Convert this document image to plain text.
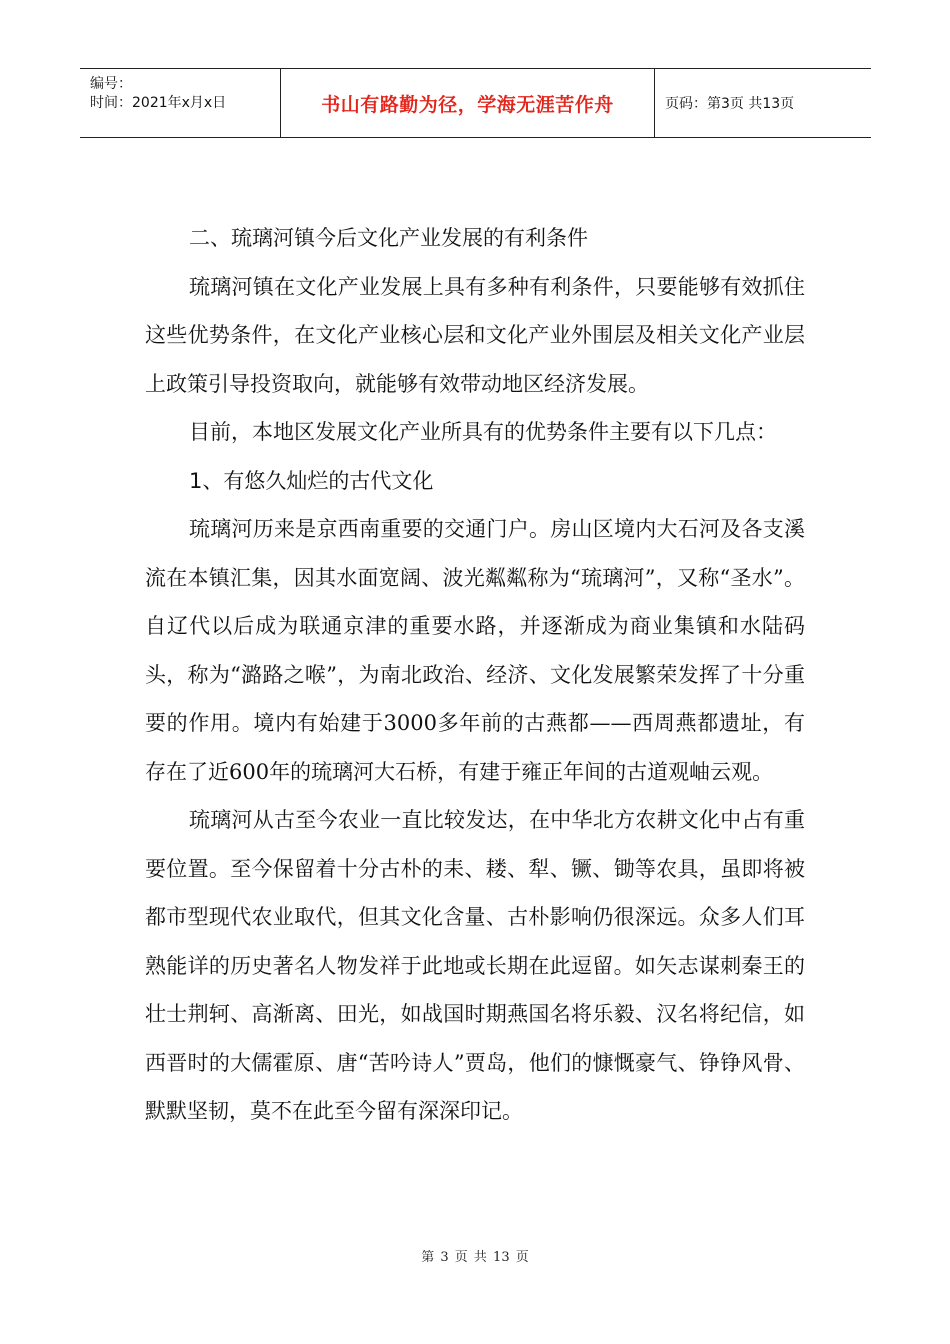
编号：
时间：2021年x月x日	书山有路勤为径，学海无涯苦作舟	页码：第3页 共13页

二、琉璃河镇今后文化产业发展的有利条件

琉璃河镇在文化产业发展上具有多种有利条件，只要能够有效抓住这些优势条件，在文化产业核心层和文化产业外围层及相关文化产业层上政策引导投资取向，就能够有效带动地区经济发展。

目前，本地区发展文化产业所具有的优势条件主要有以下几点：

1、有悠久灿烂的古代文化

琉璃河历来是京西南重要的交通门户。房山区境内大石河及各支溪流在本镇汇集，因其水面宽阔、波光粼粼称为“琉璃河”，又称“圣水”。自辽代以后成为联通京津的重要水路，并逐渐成为商业集镇和水陆码头，称为“潞路之喉”，为南北政治、经济、文化发展繁荣发挥了十分重要的作用。境内有始建于3000多年前的古燕都——西周燕都遗址，有存在了近600年的琉璃河大石桥，有建于雍正年间的古道观岫云观。

琉璃河从古至今农业一直比较发达，在中华北方农耕文化中占有重要位置。至今保留着十分古朴的耒、耧、犁、镢、锄等农具，虽即将被都市型现代农业取代，但其文化含量、古朴影响仍很深远。众多人们耳熟能详的历史著名人物发祥于此地或长期在此逗留。如矢志谋刺秦王的壮士荆轲、高渐离、田光，如战国时期燕国名将乐毅、汉名将纪信，如西晋时的大儒霍原、唐“苦吟诗人”贾岛，他们的慷慨豪气、铮铮风骨、默默坚韧，莫不在此至今留有深深印记。

第 3 页 共 13 页
